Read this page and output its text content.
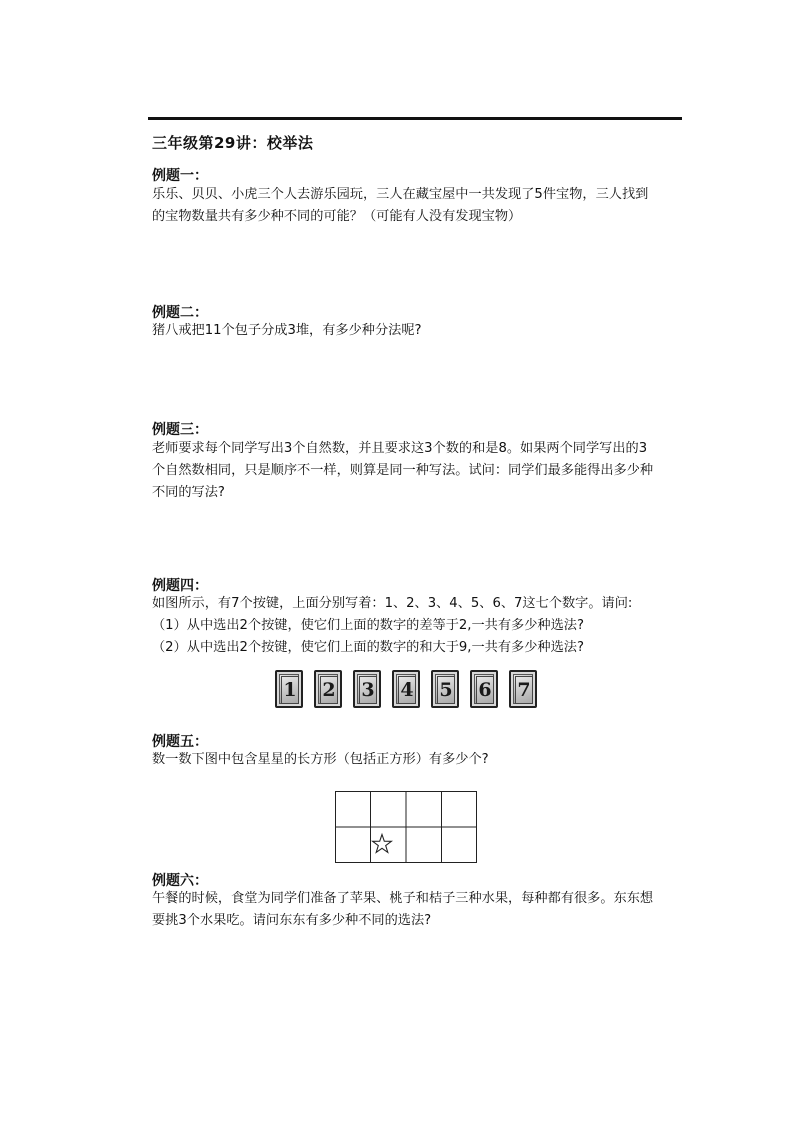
三年级第29讲：校举法
例题一：
乐乐、贝贝、小虎三个人去游乐园玩，三人在藏宝屋中一共发现了5件宝物，三人找到
的宝物数量共有多少种不同的可能？（可能有人没有发现宝物）
例题二：
猪八戒把11个包子分成3堆，有多少种分法呢?
例题三：
老师要求每个同学写出3个自然数，并且要求这3个数的和是8。如果两个同学写出的3
个自然数相同，只是顺序不一样，则算是同一种写法。试问：同学们最多能得出多少种
不同的写法?
例题四：
如图所示，有7个按键，上面分别写着：1、2、3、4、5、6、7这七个数字。请问:
（1）从中选出2个按键，使它们上面的数字的差等于2,一共有多少种选法?
（2）从中选出2个按键，使它们上面的数字的和大于9,一共有多少种选法?
1 2 3 4 5 6 7
例题五：
数一数下图中包含星星的长方形（包括正方形）有多少个?
例题六：
午餐的时候，食堂为同学们准备了苹果、桃子和桔子三种水果，每种都有很多。东东想
要挑3个水果吃。请问东东有多少种不同的选法?
